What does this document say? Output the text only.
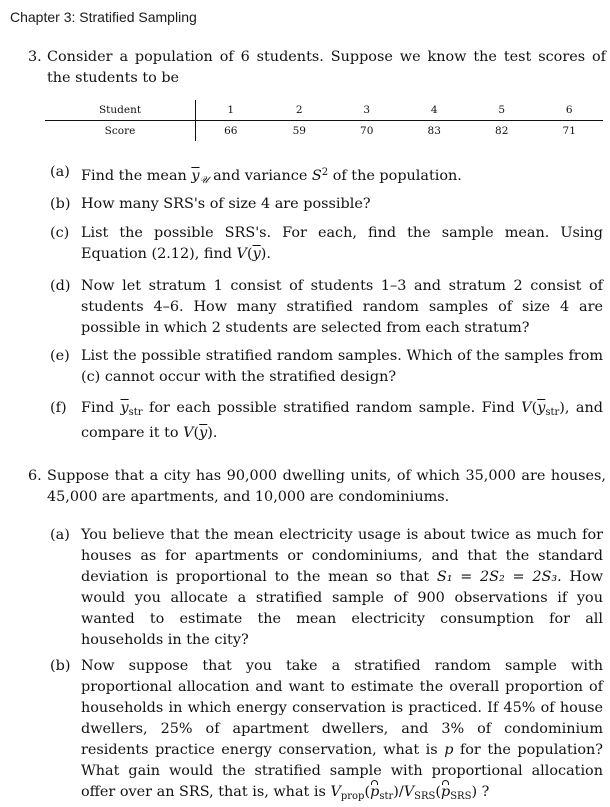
Chapter 3: Stratified Sampling
3. Consider a population of 6 students. Suppose we know the test scores of the students to be
Student	1	2	3	4	5	6
Score	66	59	70	83	82	71
(a) Find the mean $\overline{y}_𝒰$ and variance $S^2$ of the population.
(b) How many SRS's of size 4 are possible?
(c) List the possible SRS's. For each, find the sample mean. Using Equation (2.12), find $V(\overline{y})$.
(d) Now let stratum 1 consist of students 1–3 and stratum 2 consist of students 4–6. How many stratified random samples of size 4 are possible in which 2 students are selected from each stratum?
(e) List the possible stratified random samples. Which of the samples from (c) cannot occur with the stratified design?
(f) Find $\overline{y}_{str}$ for each possible stratified random sample. Find $V(\overline{y}_{str})$, and compare it to $V(\overline{y})$.
6. Suppose that a city has 90,000 dwelling units, of which 35,000 are houses, 45,000 are apartments, and 10,000 are condominiums.
(a) You believe that the mean electricity usage is about twice as much for houses as for apartments or condominiums, and that the standard deviation is proportional to the mean so that S₁ = 2S₂ = 2S₃. How would you allocate a stratified sample of 900 observations if you wanted to estimate the mean electricity consumption for all households in the city?
(b) Now suppose that you take a stratified random sample with proportional allocation and want to estimate the overall proportion of households in which energy conservation is practiced. If 45% of house dwellers, 25% of apartment dwellers, and 3% of condominium residents practice energy conservation, what is p for the population? What gain would the stratified sample with proportional allocation offer over an SRS, that is, what is $V_{prop}(p_{str})/V_{SRS}(p_{SRS})$ ?
